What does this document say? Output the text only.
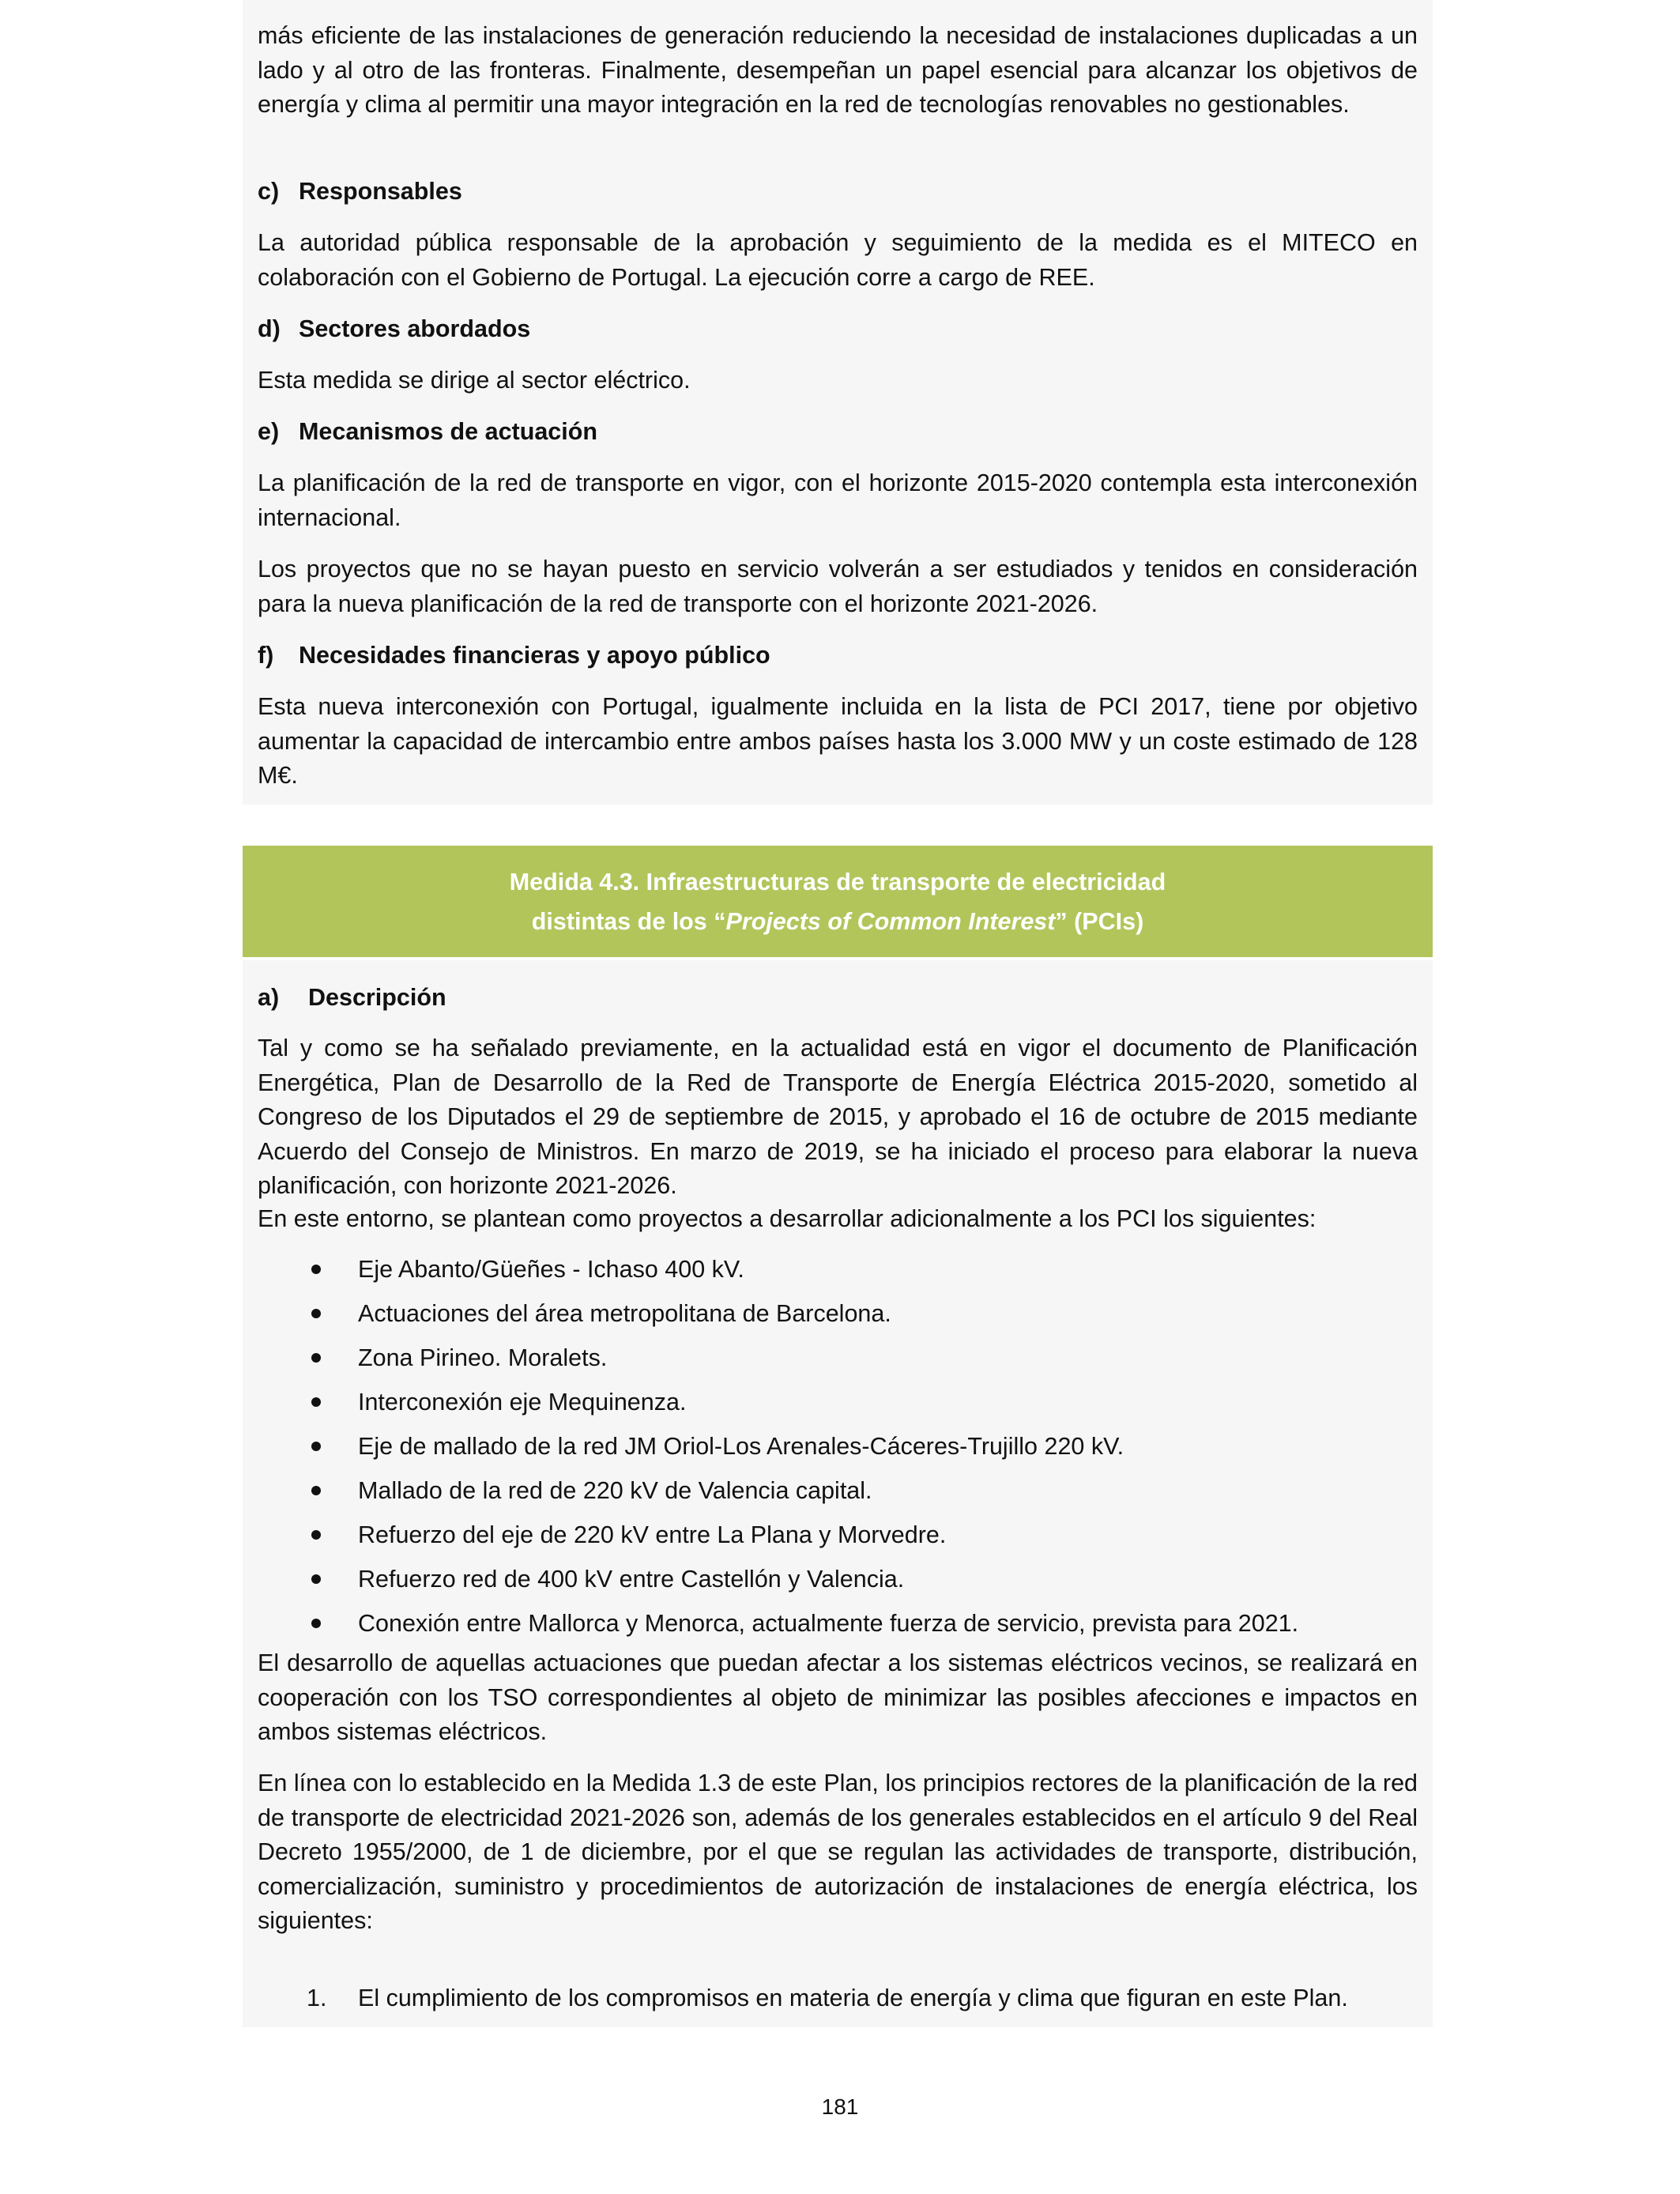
más eficiente de las instalaciones de generación reduciendo la necesidad de instalaciones duplicadas a un lado y al otro de las fronteras. Finalmente, desempeñan un papel esencial para alcanzar los objetivos de energía y clima al permitir una mayor integración en la red de tecnologías renovables no gestionables.

c) Responsables

La autoridad pública responsable de la aprobación y seguimiento de la medida es el MITECO en colaboración con el Gobierno de Portugal. La ejecución corre a cargo de REE.

d) Sectores abordados

Esta medida se dirige al sector eléctrico.

e) Mecanismos de actuación

La planificación de la red de transporte en vigor, con el horizonte 2015-2020 contempla esta interconexión internacional.

Los proyectos que no se hayan puesto en servicio volverán a ser estudiados y tenidos en consideración para la nueva planificación de la red de transporte con el horizonte 2021-2026.

f) Necesidades financieras y apoyo público

Esta nueva interconexión con Portugal, igualmente incluida en la lista de PCI 2017, tiene por objetivo aumentar la capacidad de intercambio entre ambos países hasta los 3.000 MW y un coste estimado de 128 M€.

Medida 4.3. Infraestructuras de transporte de electricidad
distintas de los “Projects of Common Interest” (PCIs)
a) Descripción

Tal y como se ha señalado previamente, en la actualidad está en vigor el documento de Planificación Energética, Plan de Desarrollo de la Red de Transporte de Energía Eléctrica 2015-2020, sometido al Congreso de los Diputados el 29 de septiembre de 2015, y aprobado el 16 de octubre de 2015 mediante Acuerdo del Consejo de Ministros. En marzo de 2019, se ha iniciado el proceso para elaborar la nueva planificación, con horizonte 2021-2026.

En este entorno, se plantean como proyectos a desarrollar adicionalmente a los PCI los siguientes:

Eje Abanto/Güeñes - Ichaso 400 kV.
Actuaciones del área metropolitana de Barcelona.
Zona Pirineo. Moralets.
Interconexión eje Mequinenza.
Eje de mallado de la red JM Oriol-Los Arenales-Cáceres-Trujillo 220 kV.
Mallado de la red de 220 kV de Valencia capital.
Refuerzo del eje de 220 kV entre La Plana y Morvedre.
Refuerzo red de 400 kV entre Castellón y Valencia.
Conexión entre Mallorca y Menorca, actualmente fuerza de servicio, prevista para 2021.

El desarrollo de aquellas actuaciones que puedan afectar a los sistemas eléctricos vecinos, se realizará en cooperación con los TSO correspondientes al objeto de minimizar las posibles afecciones e impactos en ambos sistemas eléctricos.

En línea con lo establecido en la Medida 1.3 de este Plan, los principios rectores de la planificación de la red de transporte de electricidad 2021-2026 son, además de los generales establecidos en el artículo 9 del Real Decreto 1955/2000, de 1 de diciembre, por el que se regulan las actividades de transporte, distribución, comercialización, suministro y procedimientos de autorización de instalaciones de energía eléctrica, los siguientes:

1. El cumplimiento de los compromisos en materia de energía y clima que figuran en este Plan.
181
